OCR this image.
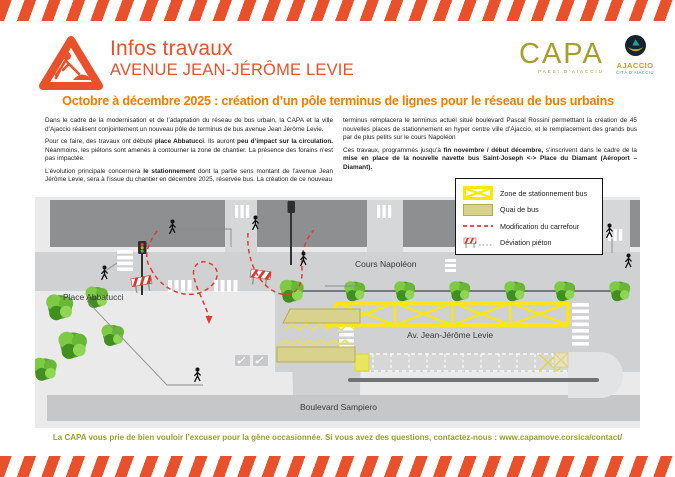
Infos travaux
AVENUE JEAN-JÉRÔME LEVIE	CAPA
PAESI D'AIACCIU
AJACCIO
CITÀ D'AIACCIU
Octobre à décembre 2025 : création d’un pôle terminus de lignes pour le réseau de bus urbains

Dans le cadre de la modernisation et de l’adaptation du réseau de bus urbain, la CAPA et la ville d’Ajaccio réalisent conjointement un nouveau pôle de terminus de bus avenue Jean Jérôme Levie.

Pour ce faire, des travaux ont débuté place Abbatucci. Ils auront peu d’impact sur la circulation. Néanmoins, les piétons sont amenés à contourner la zone de chantier. La présence des forains n’est pas impactée.

L’évolution principale concernera le stationnement dont la partie sens montant de l’avenue Jean Jérôme Levie, sera à l’issue du chantier en décembre 2025, réservée bus. La création de ce nouveau

terminus remplacera le terminus actuel situé boulevard Pascal Rossini permetttant la création de 45 nouvelles places de stationnement en hyper centre ville d’Ajaccio, et le remplacement des grands bus par de plus petits sur le cours Napoléon

Ces travaux, programmés jusqu’à fin novembre / début décembre, s’inscrivent dans le cadre de la mise en place de la nouvelle navette bus Saint-Joseph <-> Place du Diamant (Aéroport – Diamant).

Place Abbatucci
Cours Napoléon
Av. Jean-Jérôme Levie
Boulevard Sampiero
Zone de stationnement bus
Quai de bus
Modification du carrefour
Déviation piéton
La CAPA vous prie de bien vouloir l’excuser pour la gêne occasionnée. Si vous avez des questions, contactez-nous : www.capamove.corsica/contact/
